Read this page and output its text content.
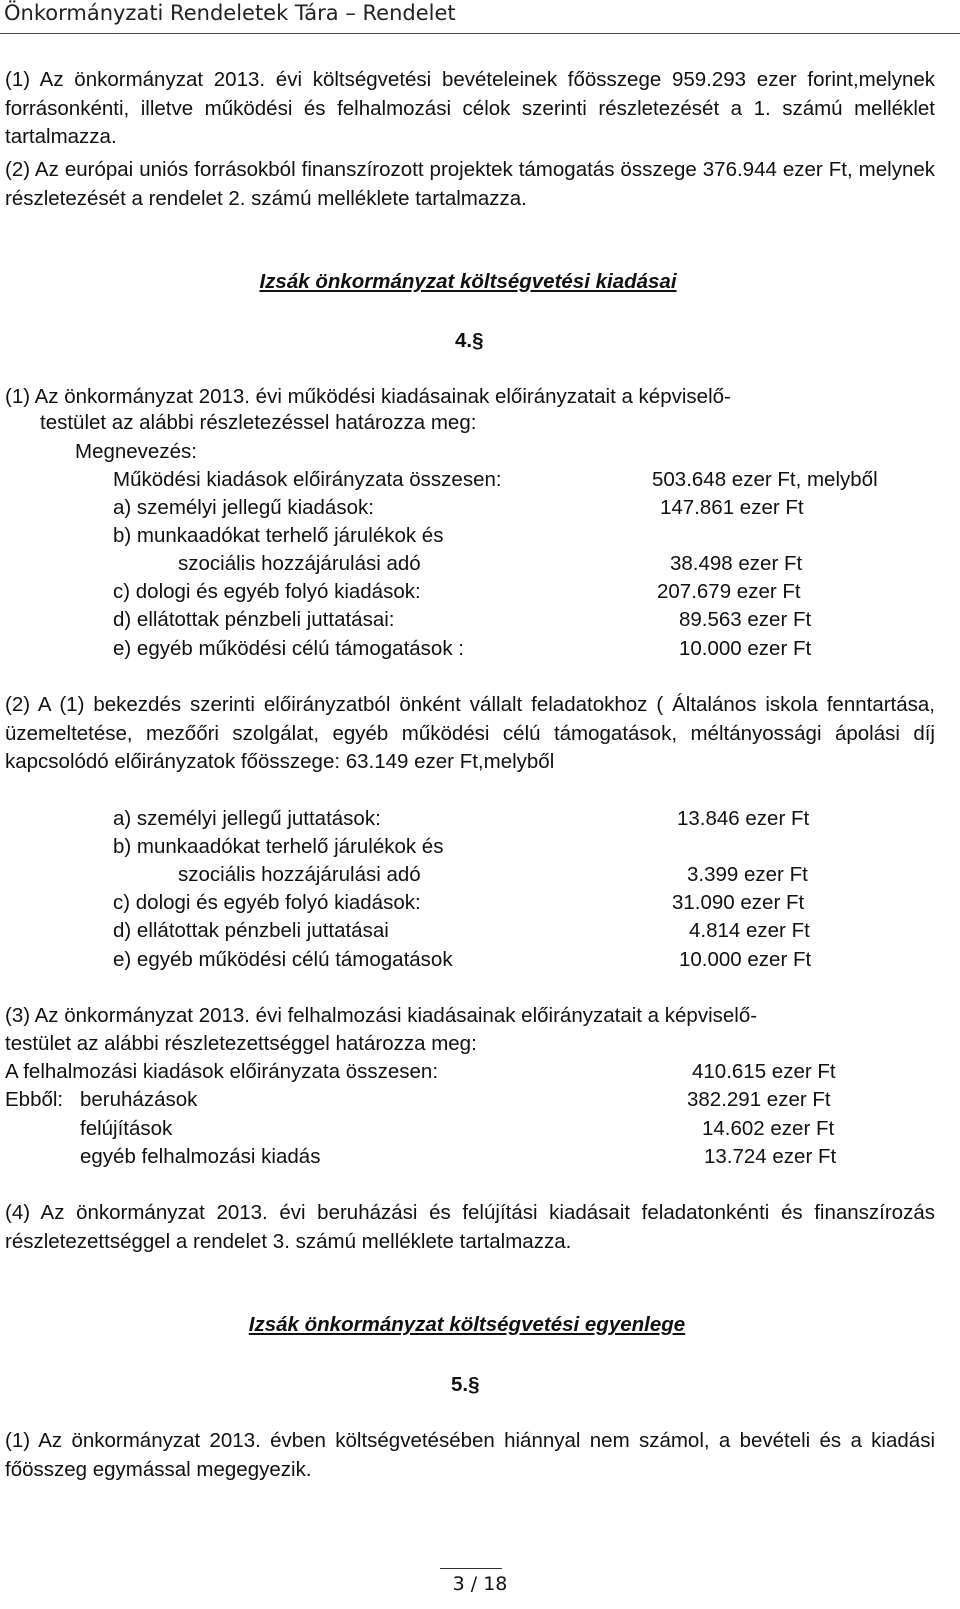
Önkormányzati Rendeletek Tára – Rendelet
(1) Az önkormányzat 2013. évi költségvetési bevételeinek főösszege 959.293 ezer forint,melynek forrásonkénti, illetve működési és felhalmozási célok szerinti részletezését a 1. számú melléklet tartalmazza.
(2) Az európai uniós forrásokból finanszírozott projektek támogatás összege 376.944 ezer Ft, melynek részletezését a rendelet 2. számú melléklete tartalmazza.
Izsák önkormányzat költségvetési kiadásai
4.§
(1) Az önkormányzat 2013. évi működési kiadásainak előirányzatait a képviselő-
testület az alábbi részletezéssel határozza meg:
Megnevezés:
Működési kiadások előirányzata összesen:	503.648 ezer Ft, melyből
a) személyi jellegű kiadások:	147.861 ezer Ft
b) munkaadókat terhelő járulékok és
szociális hozzájárulási adó	38.498 ezer Ft
c) dologi és egyéb folyó kiadások:	207.679 ezer Ft
d) ellátottak pénzbeli juttatásai:	89.563 ezer Ft
e) egyéb működési célú támogatások :	10.000 ezer Ft
(2) A (1) bekezdés szerinti előirányzatból önként vállalt feladatokhoz ( Általános iskola fenntartása, üzemeltetése, mezőőri szolgálat, egyéb működési célú támogatások, méltányossági ápolási díj kapcsolódó előirányzatok főösszege: 63.149 ezer Ft,melyből
a) személyi jellegű juttatások:	13.846 ezer Ft
b) munkaadókat terhelő járulékok és
szociális hozzájárulási adó	3.399 ezer Ft
c) dologi és egyéb folyó kiadások:	31.090 ezer Ft
d) ellátottak pénzbeli juttatásai	4.814 ezer Ft
e) egyéb működési célú támogatások	10.000 ezer Ft
(3) Az önkormányzat 2013. évi felhalmozási kiadásainak előirányzatait a képviselő-
testület az alábbi részletezettséggel határozza meg:
A felhalmozási kiadások előirányzata összesen:	410.615 ezer Ft
Ebből: beruházások	382.291 ezer Ft
felújítások	14.602 ezer Ft
egyéb felhalmozási kiadás	13.724 ezer Ft
(4) Az önkormányzat 2013. évi beruházási és felújítási kiadásait feladatonkénti és finanszírozás részletezettséggel a rendelet 3. számú melléklete tartalmazza.
Izsák önkormányzat költségvetési egyenlege
5.§
(1) Az önkormányzat 2013. évben költségvetésében hiánnyal nem számol, a bevételi és a kiadási főösszeg egymással megegyezik.
3 / 18
